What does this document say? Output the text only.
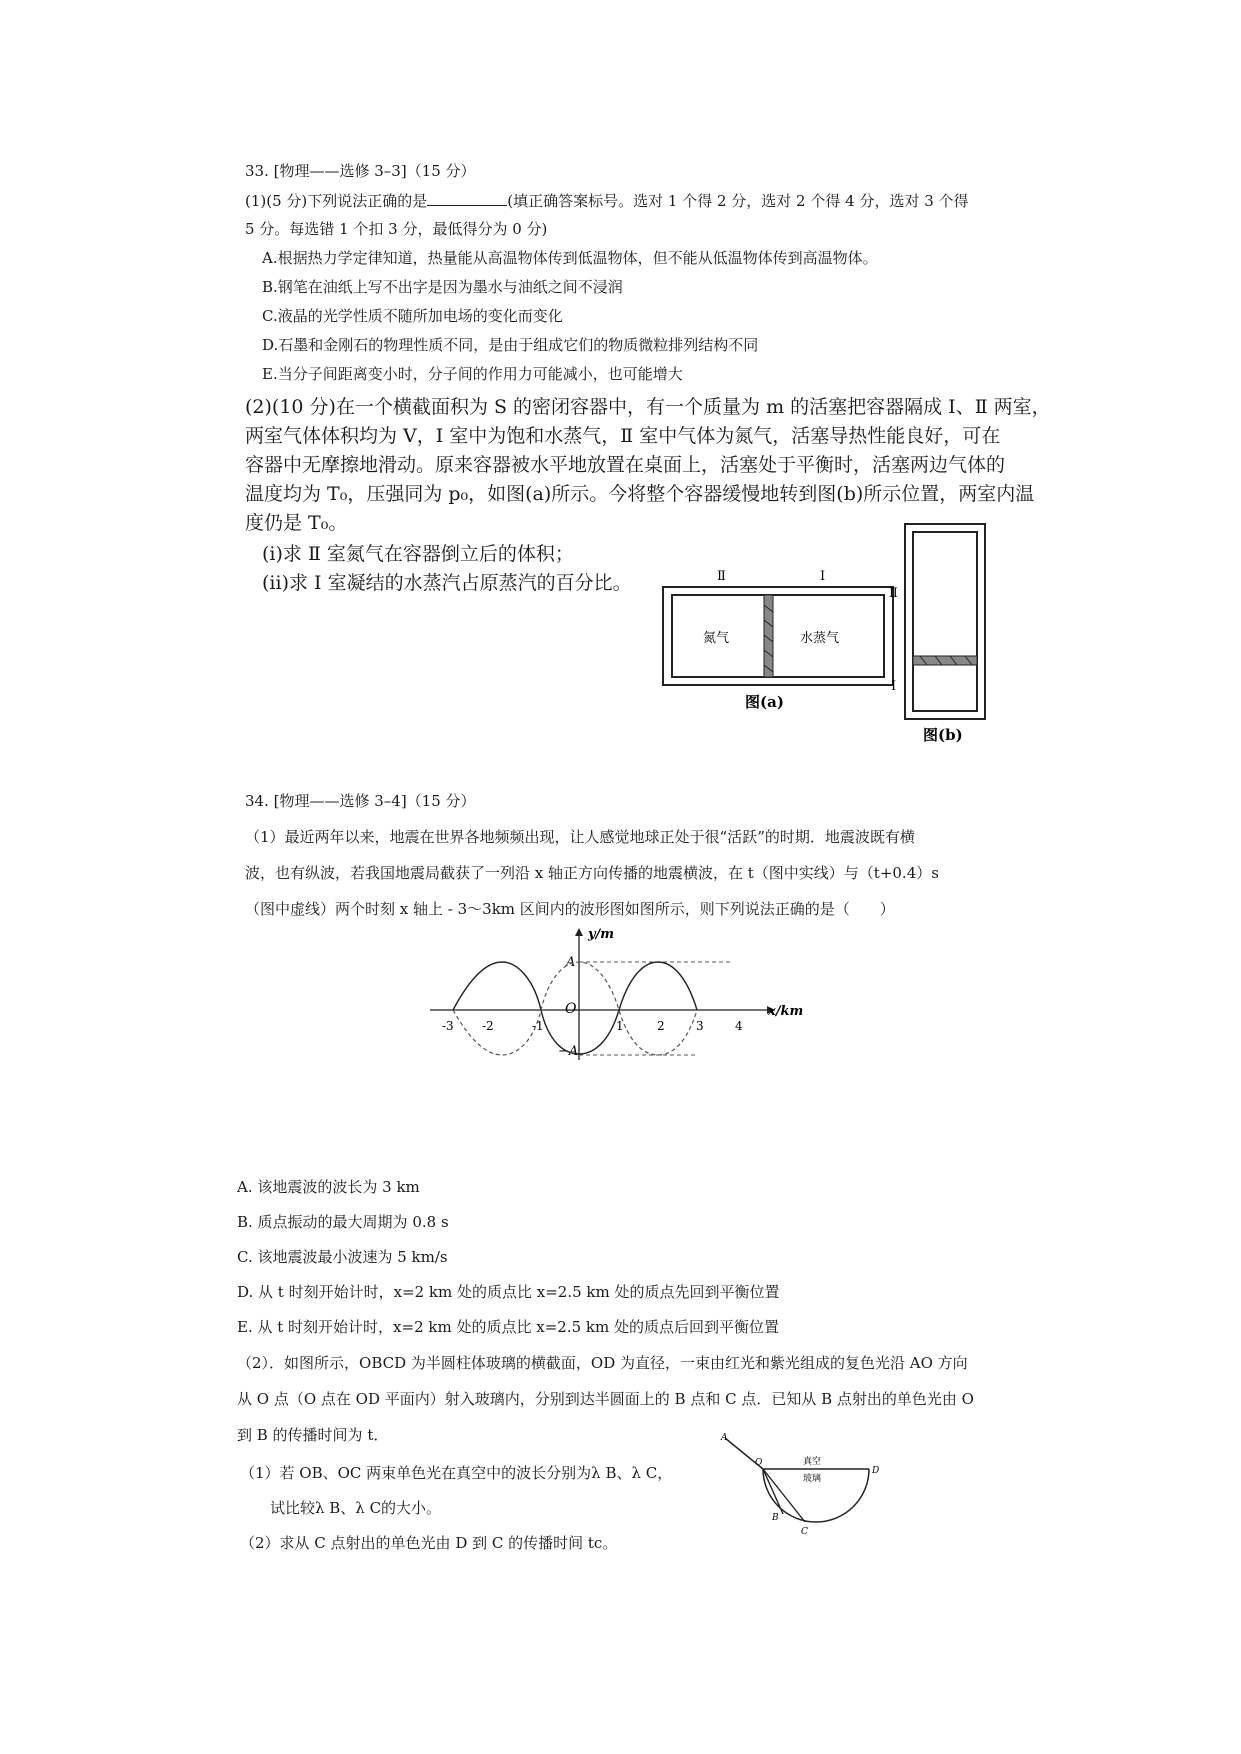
33. [物理——选修 3–3]（15 分）
(1)(5 分)下列说法正确的是	(填正确答案标号。选对 1 个得 2 分，选对 2 个得 4 分，选对 3 个得
5 分。每选错 1 个扣 3 分，最低得分为 0 分)
A.根据热力学定律知道，热量能从高温物体传到低温物体，但不能从低温物体传到高温物体。
B.钢笔在油纸上写不出字是因为墨水与油纸之间不浸润
C.液晶的光学性质不随所加电场的变化而变化
D.石墨和金刚石的物理性质不同，是由于组成它们的物质微粒排列结构不同
E.当分子间距离变小时，分子间的作用力可能减小，也可能增大
(2)(10 分)在一个横截面积为 S 的密闭容器中，有一个质量为 m 的活塞把容器隔成 Ⅰ、Ⅱ 两室，
两室气体体积均为 V，Ⅰ 室中为饱和水蒸气，Ⅱ 室中气体为氮气，活塞导热性能良好，可在
容器中无摩擦地滑动。原来容器被水平地放置在桌面上，活塞处于平衡时，活塞两边气体的
温度均为 T₀，压强同为 p₀，如图(a)所示。今将整个容器缓慢地转到图(b)所示位置，两室内温
度仍是 T₀。
(i)求 Ⅱ 室氮气在容器倒立后的体积；
(ii)求 Ⅰ 室凝结的水蒸汽占原蒸汽的百分比。	Ⅱ	Ⅰ
氮气	水蒸气
图(a)
Ⅱ
Ⅰ
图(b)
34. [物理——选修 3–4]（15 分）
（1）最近两年以来，地震在世界各地频频出现，让人感觉地球正处于很“活跃”的时期．地震波既有横
波，也有纵波，若我国地震局截获了一列沿 x 轴正方向传播的地震横波，在 t（图中实线）与（t+0.4）s
（图中虚线）两个时刻 x 轴上 - 3～3km 区间内的波形图如图所示，则下列说法正确的是（　　）
y/m
x/km
O
A
−A
-3 -2	-1	1	2	3	4
A. 该地震波的波长为 3 km
B. 质点振动的最大周期为 0.8 s
C. 该地震波最小波速为 5 km/s
D. 从 t 时刻开始计时，x=2 km 处的质点比 x=2.5 km 处的质点先回到平衡位置
E. 从 t 时刻开始计时，x=2 km 处的质点比 x=2.5 km 处的质点后回到平衡位置
（2）．如图所示，OBCD 为半圆柱体玻璃的横截面，OD 为直径，一束由红光和紫光组成的复色光沿 AO 方向
从 O 点（O 点在 OD 平面内）射入玻璃内，分别到达半圆面上的 B 点和 C 点．已知从 B 点射出的单色光由 O
到 B 的传播时间为 t．
（1）若 OB、OC 两束单色光在真空中的波长分别为λ B、λ C，
试比较λ B、λ C的大小。
（2）求从 C 点射出的单色光由 D 到 C 的传播时间 tc。
A
O
D
B
C
真空
玻璃
